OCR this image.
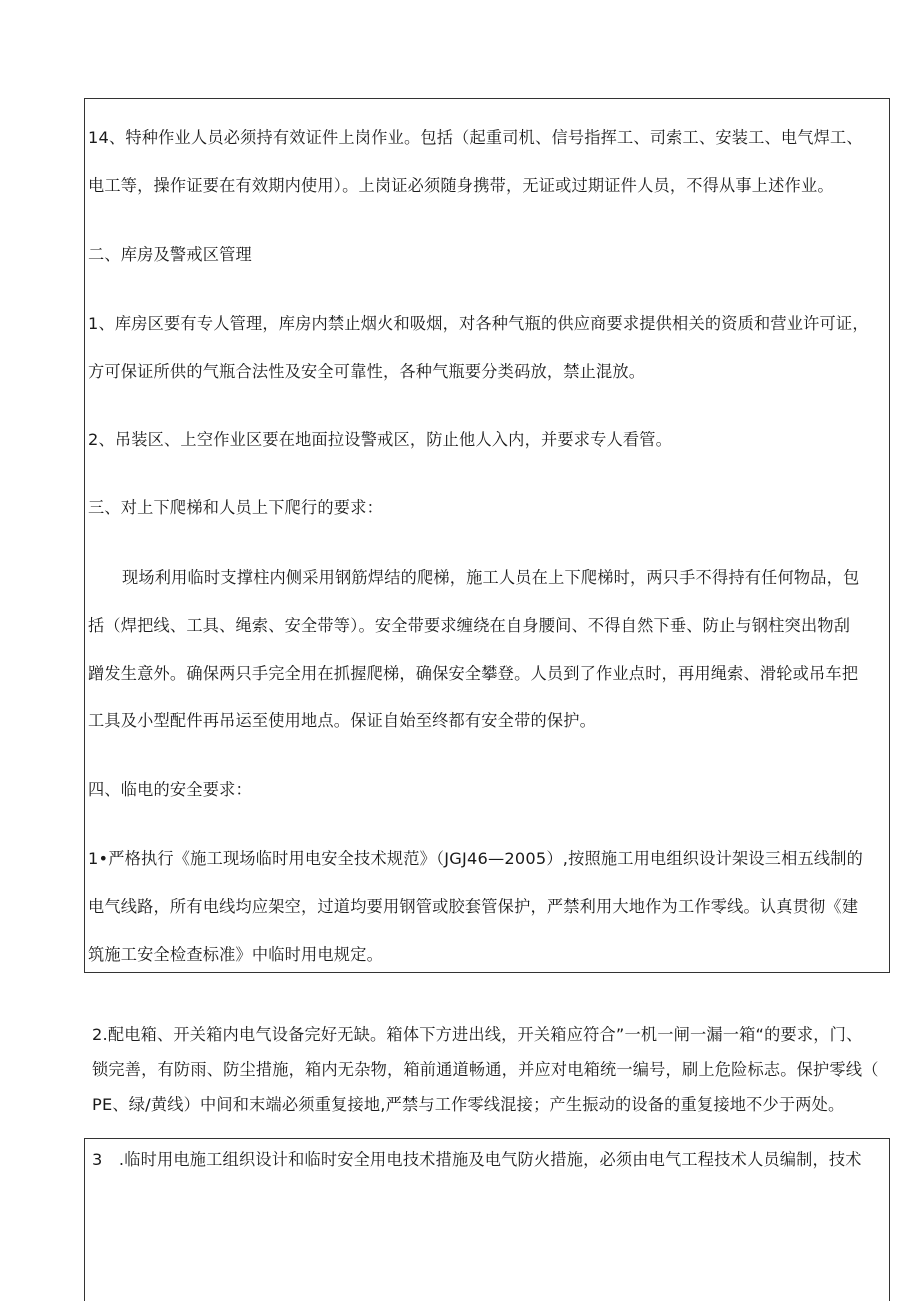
14、特种作业人员必须持有效证件上岗作业。包括（起重司机、信号指挥工、司索工、安装工、电气焊工、
电工等，操作证要在有效期内使用）。上岗证必须随身携带，无证或过期证件人员，不得从事上述作业。
二、库房及警戒区管理
1、库房区要有专人管理，库房内禁止烟火和吸烟，对各种气瓶的供应商要求提供相关的资质和营业许可证，
方可保证所供的气瓶合法性及安全可靠性，各种气瓶要分类码放，禁止混放。
2、吊装区、上空作业区要在地面拉设警戒区，防止他人入内，并要求专人看管。
三、对上下爬梯和人员上下爬行的要求：
现场利用临时支撑柱内侧采用钢筋焊结的爬梯，施工人员在上下爬梯时，两只手不得持有任何物品，包
括（焊把线、工具、绳索、安全带等）。安全带要求缠绕在自身腰间、不得自然下垂、防止与钢柱突出物刮
蹭发生意外。确保两只手完全用在抓握爬梯，确保安全攀登。人员到了作业点时，再用绳索、滑轮或吊车把
工具及小型配件再吊运至使用地点。保证自始至终都有安全带的保护。
四、临电的安全要求：
1•严格执行《施工现场临时用电安全技术规范》（JGJ46—2005）,按照施工用电组织设计架设三相五线制的
电气线路，所有电线均应架空，过道均要用钢管或胶套管保护，严禁利用大地作为工作零线。认真贯彻《建
筑施工安全检查标准》中临时用电规定。
2.配电箱、开关箱内电气设备完好无缺。箱体下方进出线，开关箱应符合”一机一闸一漏一箱“的要求，门、
锁完善，有防雨、防尘措施，箱内无杂物，箱前通道畅通，并应对电箱统一编号，刷上危险标志。保护零线（
PE、绿/黄线）中间和末端必须重复接地,严禁与工作零线混接；产生振动的设备的重复接地不少于两处。
3　.临时用电施工组织设计和临时安全用电技术措施及电气防火措施，必须由电气工程技术人员编制，技术
